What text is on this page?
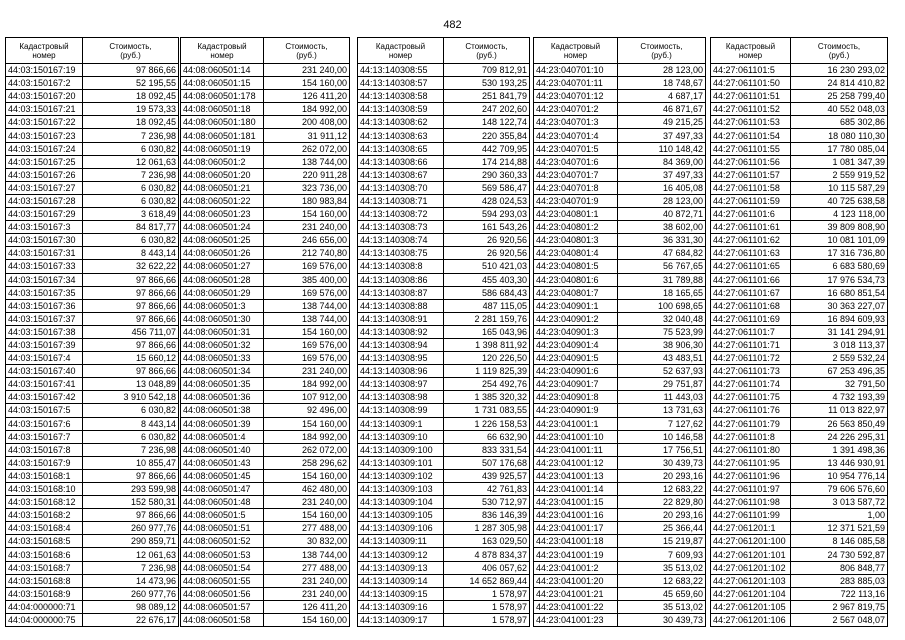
482
Кадастровый
номер	Стоимость,
(руб.)
44:03:150167:19	97 866,66
44:03:150167:2	52 195,55
44:03:150167:20	18 092,45
44:03:150167:21	19 573,33
44:03:150167:22	18 092,45
44:03:150167:23	7 236,98
44:03:150167:24	6 030,82
44:03:150167:25	12 061,63
44:03:150167:26	7 236,98
44:03:150167:27	6 030,82
44:03:150167:28	6 030,82
44:03:150167:29	3 618,49
44:03:150167:3	84 817,77
44:03:150167:30	6 030,82
44:03:150167:31	8 443,14
44:03:150167:33	32 622,22
44:03:150167:34	97 866,66
44:03:150167:35	97 866,66
44:03:150167:36	97 866,66
44:03:150167:37	97 866,66
44:03:150167:38	456 711,07
44:03:150167:39	97 866,66
44:03:150167:4	15 660,12
44:03:150167:40	97 866,66
44:03:150167:41	13 048,89
44:03:150167:42	3 910 542,18
44:03:150167:5	6 030,82
44:03:150167:6	8 443,14
44:03:150167:7	6 030,82
44:03:150167:8	7 236,98
44:03:150167:9	10 855,47
44:03:150168:1	97 866,66
44:03:150168:10	293 599,98
44:03:150168:12	152 580,31
44:03:150168:2	97 866,66
44:03:150168:4	260 977,76
44:03:150168:5	290 859,71
44:03:150168:6	12 061,63
44:03:150168:7	7 236,98
44:03:150168:8	14 473,96
44:03:150168:9	260 977,76
44:04:000000:71	98 089,12
44:04:000000:75	22 676,17
Кадастровый
номер	Стоимость,
(руб.)
44:08:060501:14	231 240,00
44:08:060501:15	154 160,00
44:08:060501:178	126 411,20
44:08:060501:18	184 992,00
44:08:060501:180	200 408,00
44:08:060501:181	31 911,12
44:08:060501:19	262 072,00
44:08:060501:2	138 744,00
44:08:060501:20	220 911,28
44:08:060501:21	323 736,00
44:08:060501:22	180 983,84
44:08:060501:23	154 160,00
44:08:060501:24	231 240,00
44:08:060501:25	246 656,00
44:08:060501:26	212 740,80
44:08:060501:27	169 576,00
44:08:060501:28	385 400,00
44:08:060501:29	169 576,00
44:08:060501:3	138 744,00
44:08:060501:30	138 744,00
44:08:060501:31	154 160,00
44:08:060501:32	169 576,00
44:08:060501:33	169 576,00
44:08:060501:34	231 240,00
44:08:060501:35	184 992,00
44:08:060501:36	107 912,00
44:08:060501:38	92 496,00
44:08:060501:39	154 160,00
44:08:060501:4	184 992,00
44:08:060501:40	262 072,00
44:08:060501:43	258 296,62
44:08:060501:45	154 160,00
44:08:060501:47	462 480,00
44:08:060501:48	231 240,00
44:08:060501:5	154 160,00
44:08:060501:51	277 488,00
44:08:060501:52	30 832,00
44:08:060501:53	138 744,00
44:08:060501:54	277 488,00
44:08:060501:55	231 240,00
44:08:060501:56	231 240,00
44:08:060501:57	126 411,20
44:08:060501:58	154 160,00
Кадастровый
номер	Стоимость,
(руб.)
44:13:140308:55	709 812,91
44:13:140308:57	530 193,25
44:13:140308:58	251 841,79
44:13:140308:59	247 202,60
44:13:140308:62	148 122,74
44:13:140308:63	220 355,84
44:13:140308:65	442 709,95
44:13:140308:66	174 214,88
44:13:140308:67	290 360,33
44:13:140308:70	569 586,47
44:13:140308:71	428 024,53
44:13:140308:72	594 293,03
44:13:140308:73	161 543,26
44:13:140308:74	26 920,56
44:13:140308:75	26 920,56
44:13:140308:8	510 421,03
44:13:140308:86	455 403,30
44:13:140308:87	586 684,43
44:13:140308:88	487 115,05
44:13:140308:91	2 281 159,76
44:13:140308:92	165 043,96
44:13:140308:94	1 398 811,92
44:13:140308:95	120 226,50
44:13:140308:96	1 119 825,39
44:13:140308:97	254 492,76
44:13:140308:98	1 385 320,32
44:13:140308:99	1 731 083,55
44:13:140309:1	1 226 158,53
44:13:140309:10	66 632,90
44:13:140309:100	833 331,54
44:13:140309:101	507 176,68
44:13:140309:102	439 925,57
44:13:140309:103	42 761,83
44:13:140309:104	530 712,97
44:13:140309:105	836 146,39
44:13:140309:106	1 287 305,98
44:13:140309:11	163 029,50
44:13:140309:12	4 878 834,37
44:13:140309:13	406 057,62
44:13:140309:14	14 652 869,44
44:13:140309:15	1 578,97
44:13:140309:16	1 578,97
44:13:140309:17	1 578,97
Кадастровый
номер	Стоимость,
(руб.)
44:23:040701:10	28 123,00
44:23:040701:11	18 748,67
44:23:040701:12	4 687,17
44:23:040701:2	46 871,67
44:23:040701:3	49 215,25
44:23:040701:4	37 497,33
44:23:040701:5	110 148,42
44:23:040701:6	84 369,00
44:23:040701:7	37 497,33
44:23:040701:8	16 405,08
44:23:040701:9	28 123,00
44:23:040801:1	40 872,71
44:23:040801:2	38 602,00
44:23:040801:3	36 331,30
44:23:040801:4	47 684,82
44:23:040801:5	56 767,65
44:23:040801:6	31 789,88
44:23:040801:7	18 165,65
44:23:040901:1	100 698,65
44:23:040901:2	32 040,48
44:23:040901:3	75 523,99
44:23:040901:4	38 906,30
44:23:040901:5	43 483,51
44:23:040901:6	52 637,93
44:23:040901:7	29 751,87
44:23:040901:8	11 443,03
44:23:040901:9	13 731,63
44:23:041001:1	7 127,62
44:23:041001:10	10 146,58
44:23:041001:11	17 756,51
44:23:041001:12	30 439,73
44:23:041001:13	20 293,16
44:23:041001:14	12 683,22
44:23:041001:15	22 829,80
44:23:041001:16	20 293,16
44:23:041001:17	25 366,44
44:23:041001:18	15 219,87
44:23:041001:19	7 609,93
44:23:041001:2	35 513,02
44:23:041001:20	12 683,22
44:23:041001:21	45 659,60
44:23:041001:22	35 513,02
44:23:041001:23	30 439,73
Кадастровый
номер	Стоимость,
(руб.)
44:27:061101:5	16 230 293,02
44:27:061101:50	24 814 410,82
44:27:061101:51	25 258 799,40
44:27:061101:52	40 552 048,03
44:27:061101:53	685 302,86
44:27:061101:54	18 080 110,30
44:27:061101:55	17 780 085,04
44:27:061101:56	1 081 347,39
44:27:061101:57	2 559 919,52
44:27:061101:58	10 115 587,29
44:27:061101:59	40 725 638,58
44:27:061101:6	4 123 118,00
44:27:061101:61	39 809 808,90
44:27:061101:62	10 081 101,09
44:27:061101:63	17 316 736,80
44:27:061101:65	6 683 580,69
44:27:061101:66	17 976 534,73
44:27:061101:67	16 680 851,54
44:27:061101:68	30 363 227,07
44:27:061101:69	16 894 609,93
44:27:061101:7	31 141 294,91
44:27:061101:71	3 018 113,37
44:27:061101:72	2 559 532,24
44:27:061101:73	67 253 496,35
44:27:061101:74	32 791,50
44:27:061101:75	4 732 193,39
44:27:061101:76	11 013 822,97
44:27:061101:79	26 563 850,49
44:27:061101:8	24 226 295,31
44:27:061101:80	1 391 498,36
44:27:061101:95	13 446 930,91
44:27:061101:96	10 954 776,14
44:27:061101:97	79 606 576,60
44:27:061101:98	3 013 587,72
44:27:061101:99	1,00
44:27:061201:1	12 371 521,59
44:27:061201:100	8 146 085,58
44:27:061201:101	24 730 592,87
44:27:061201:102	806 848,77
44:27:061201:103	283 885,03
44:27:061201:104	722 113,16
44:27:061201:105	2 967 819,75
44:27:061201:106	2 567 048,07
